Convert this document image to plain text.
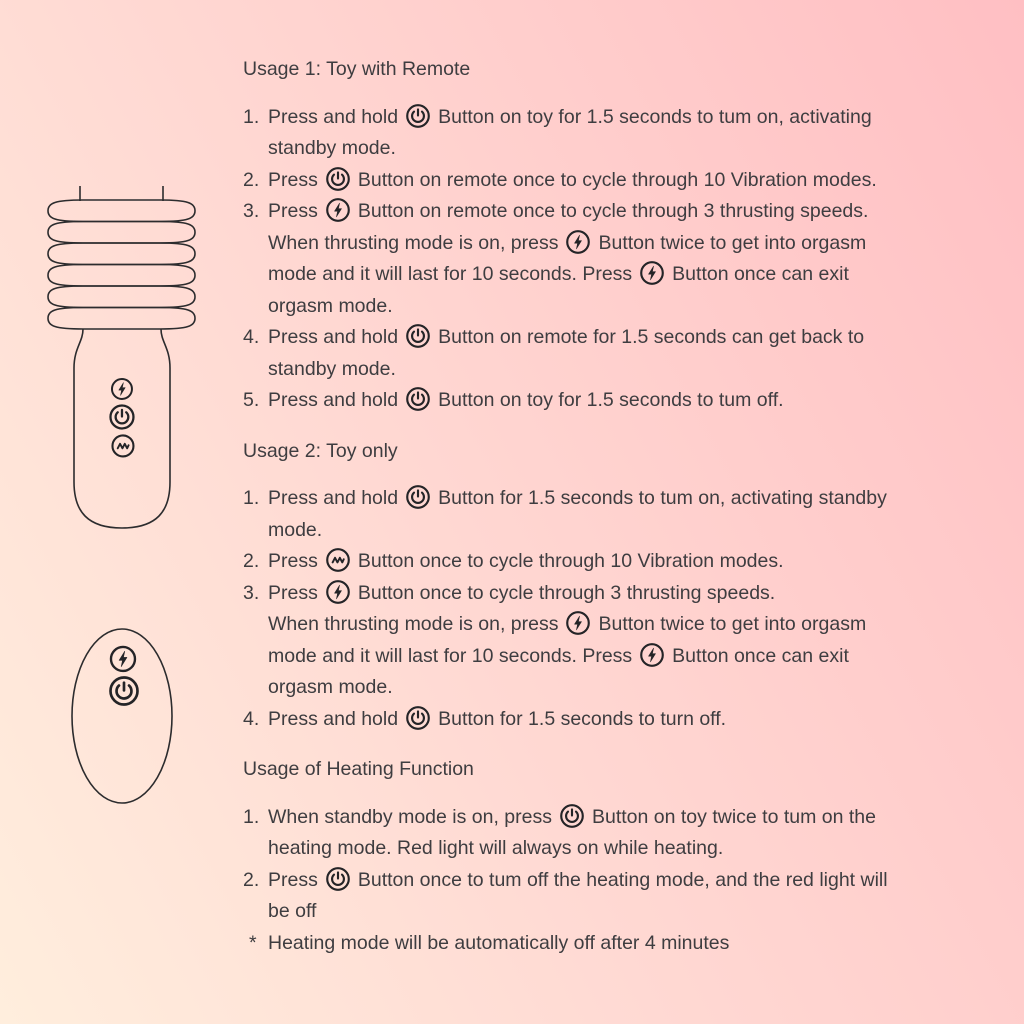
Usage 1: Toy with Remote
1. Press and hold Button on toy for 1.5 seconds to tum on, activating
standby mode.
2. Press Button on remote once to cycle through 10 Vibration modes.
3. Press Button on remote once to cycle through 3 thrusting speeds.
When thrusting mode is on, press Button twice to get into orgasm
mode and it will last for 10 seconds. Press Button once can exit
orgasm mode.
4. Press and hold Button on remote for 1.5 seconds can get back to
standby mode.
5. Press and hold Button on toy for 1.5 seconds to tum off.
Usage 2: Toy only
1. Press and hold Button for 1.5 seconds to tum on, activating standby
mode.
2. Press Button once to cycle through 10 Vibration modes.
3. Press Button once to cycle through 3 thrusting speeds.
When thrusting mode is on, press Button twice to get into orgasm
mode and it will last for 10 seconds. Press Button once can exit
orgasm mode.
4. Press and hold Button for 1.5 seconds to turn off.
Usage of Heating Function
1. When standby mode is on, press Button on toy twice to tum on the
heating mode. Red light will always on while heating.
2. Press Button once to tum off the heating mode, and the red light will
be off
* Heating mode will be automatically off after 4 minutes
